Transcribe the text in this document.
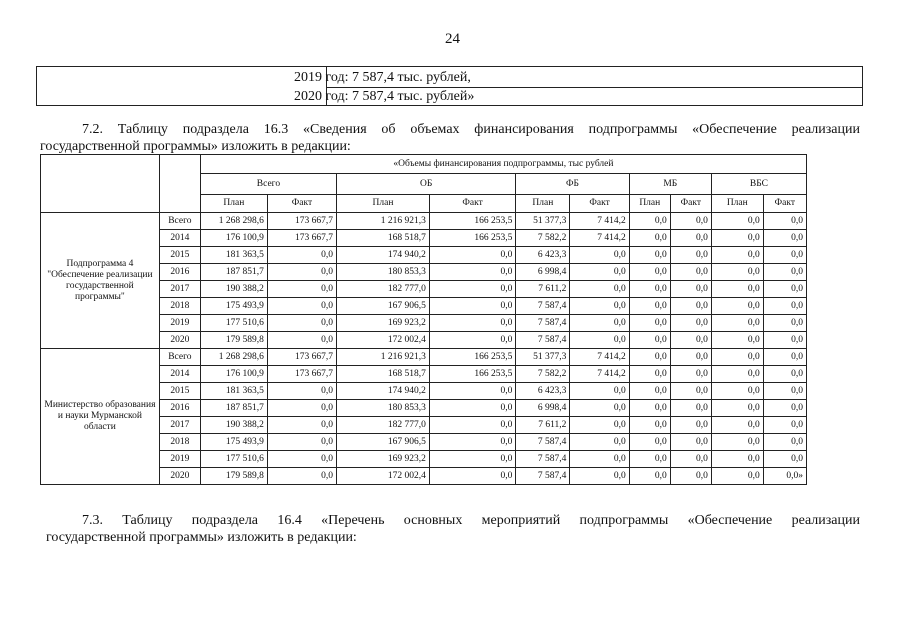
24
2019 год: 7 587,4 тыс. рублей,
2020 год: 7 587,4 тыс. рублей»
7.2. Таблицу подраздела 16.3 «Сведения об объемах финансирования подпрограммы «Обеспечение реализации
государственной программы» изложить в редакции:
		«Объемы финансирования подпрограммы, тыс рублей									
		Всего		ОБ		ФБ		МБ		ВБС	
		План	Факт	План	Факт	План	Факт	План	Факт	План	Факт
Подпрограмма 4 "Обеспечение реализации государственной программы"	Всего	1 268 298,6	173 667,7	1 216 921,3	166 253,5	51 377,3	7 414,2	0,0	0,0	0,0	0,0
	2014	176 100,9	173 667,7	168 518,7	166 253,5	7 582,2	7 414,2	0,0	0,0	0,0	0,0
	2015	181 363,5	0,0	174 940,2	0,0	6 423,3	0,0	0,0	0,0	0,0	0,0
	2016	187 851,7	0,0	180 853,3	0,0	6 998,4	0,0	0,0	0,0	0,0	0,0
	2017	190 388,2	0,0	182 777,0	0,0	7 611,2	0,0	0,0	0,0	0,0	0,0
	2018	175 493,9	0,0	167 906,5	0,0	7 587,4	0,0	0,0	0,0	0,0	0,0
	2019	177 510,6	0,0	169 923,2	0,0	7 587,4	0,0	0,0	0,0	0,0	0,0
	2020	179 589,8	0,0	172 002,4	0,0	7 587,4	0,0	0,0	0,0	0,0	0,0
Министерство образования и науки Мурманской области	Всего	1 268 298,6	173 667,7	1 216 921,3	166 253,5	51 377,3	7 414,2	0,0	0,0	0,0	0,0
	2014	176 100,9	173 667,7	168 518,7	166 253,5	7 582,2	7 414,2	0,0	0,0	0,0	0,0
	2015	181 363,5	0,0	174 940,2	0,0	6 423,3	0,0	0,0	0,0	0,0	0,0
	2016	187 851,7	0,0	180 853,3	0,0	6 998,4	0,0	0,0	0,0	0,0	0,0
	2017	190 388,2	0,0	182 777,0	0,0	7 611,2	0,0	0,0	0,0	0,0	0,0
	2018	175 493,9	0,0	167 906,5	0,0	7 587,4	0,0	0,0	0,0	0,0	0,0
	2019	177 510,6	0,0	169 923,2	0,0	7 587,4	0,0	0,0	0,0	0,0	0,0
	2020	179 589,8	0,0	172 002,4	0,0	7 587,4	0,0	0,0	0,0	0,0	0,0»
7.3. Таблицу подраздела 16.4 «Перечень основных мероприятий подпрограммы «Обеспечение реализации
государственной программы» изложить в редакции:
